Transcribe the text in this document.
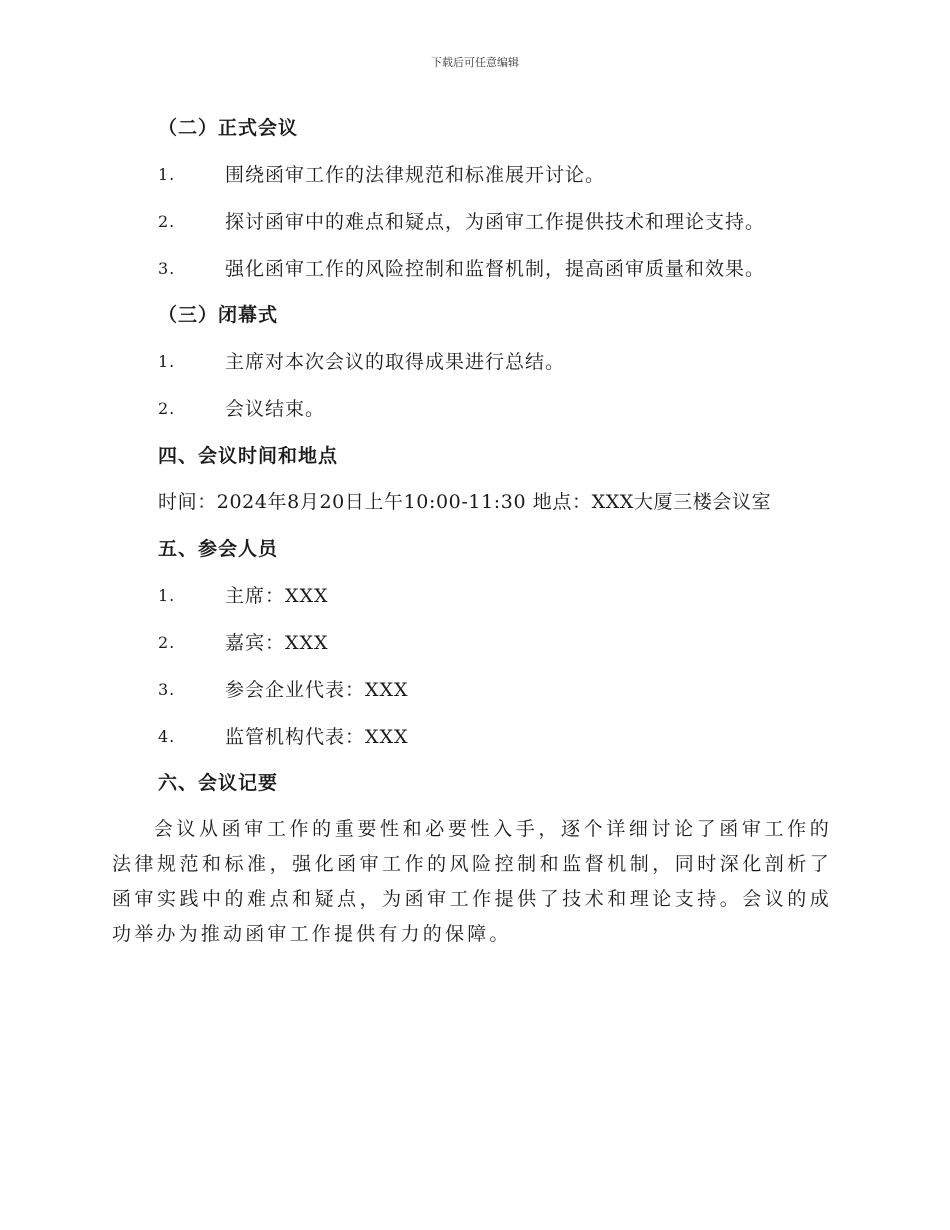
下载后可任意编辑
（二）正式会议
1.	围绕函审工作的法律规范和标准展开讨论。
2.	探讨函审中的难点和疑点，为函审工作提供技术和理论支持。
3.	强化函审工作的风险控制和监督机制，提高函审质量和效果。
（三）闭幕式
1.	主席对本次会议的取得成果进行总结。
2.	会议结束。
四、会议时间和地点
时间：2024年8月20日上午10:00-11:30 地点：XXX大厦三楼会议室
五、参会人员
1.	主席：XXX
2.	嘉宾：XXX
3.	参会企业代表：XXX
4.	监管机构代表：XXX
六、会议记要
会议从函审工作的重要性和必要性入手，逐个详细讨论了函审工作的法律规范和标准，强化函审工作的风险控制和监督机制，同时深化剖析了函审实践中的难点和疑点，为函审工作提供了技术和理论支持。会议的成功举办为推动函审工作提供有力的保障。
